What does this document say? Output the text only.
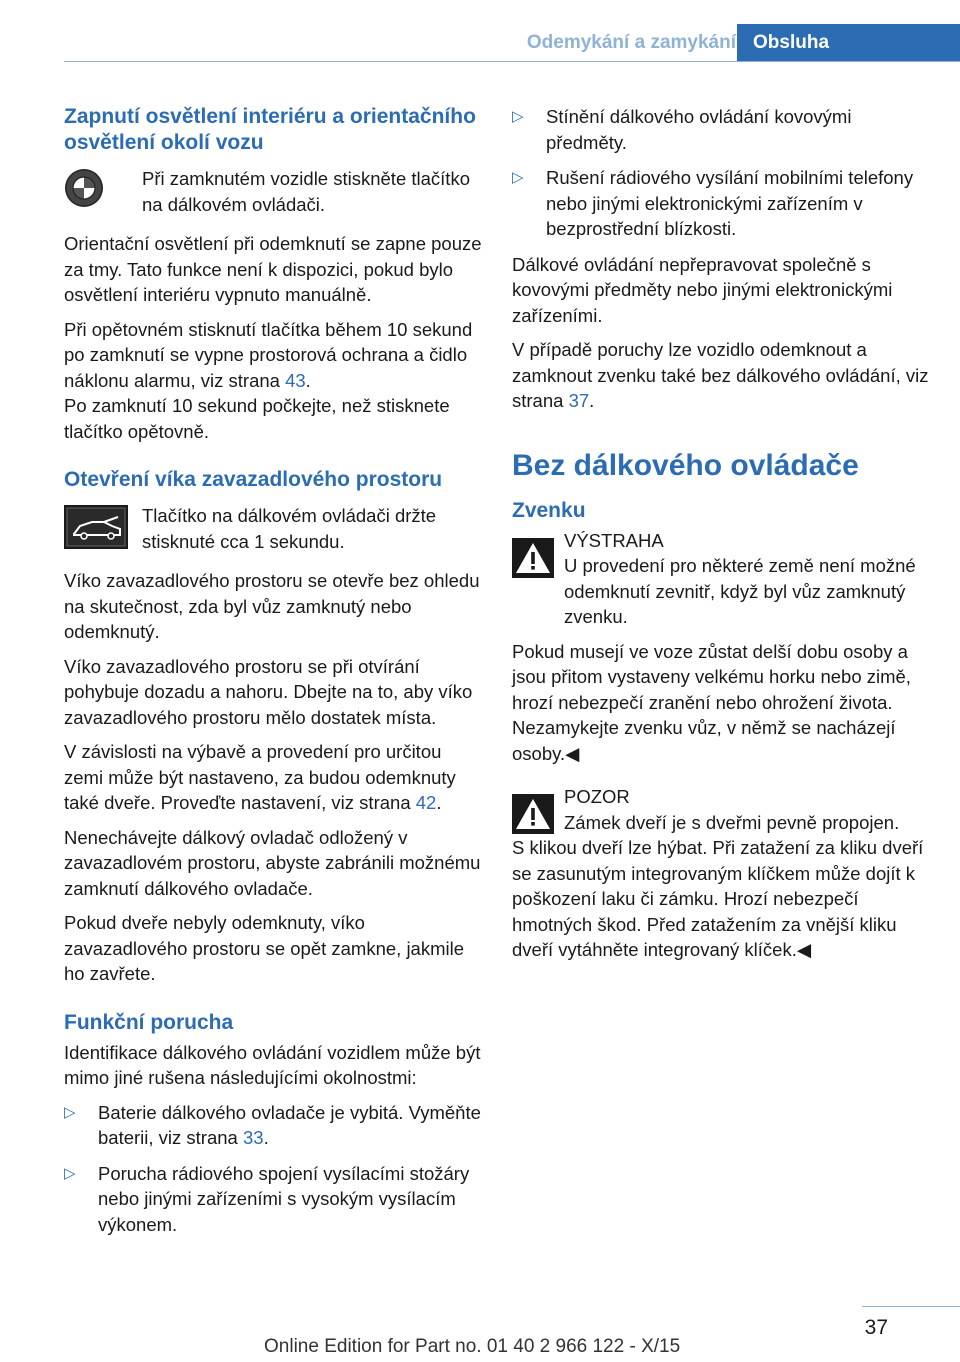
Odemykání a zamykání Obsluha
Zapnutí osvětlení interiéru a orientačního osvětlení okolí vozu
Při zamknutém vozidle stiskněte tlačítko na dálkovém ovládači.

Orientační osvětlení při odemknutí se zapne pouze za tmy. Tato funkce není k dispozici, pokud bylo osvětlení interiéru vypnuto manuálně.

Při opětovném stisknutí tlačítka během 10 sekund po zamknutí se vypne prostorová ochrana a čidlo náklonu alarmu, viz strana 43.
Po zamknutí 10 sekund počkejte, než stisknete tlačítko opětovně.

Otevření víka zavazadlového prostoru
Tlačítko na dálkovém ovládači držte stisknuté cca 1 sekundu.

Víko zavazadlového prostoru se otevře bez ohledu na skutečnost, zda byl vůz zamknutý nebo odemknutý.

Víko zavazadlového prostoru se při otvírání pohybuje dozadu a nahoru. Dbejte na to, aby víko zavazadlového prostoru mělo dostatek místa.

V závislosti na výbavě a provedení pro určitou zemi může být nastaveno, za budou odemknuty také dveře. Proveďte nastavení, viz strana 42.

Nenechávejte dálkový ovladač odložený v zavazadlovém prostoru, abyste zabránili možnému zamknutí dálkového ovladače.

Pokud dveře nebyly odemknuty, víko zavazadlového prostoru se opět zamkne, jakmile ho zavřete.

Funkční porucha

Identifikace dálkového ovládání vozidlem může být mimo jiné rušena následujícími okolnostmi:

▷ Baterie dálkového ovladače je vybitá. Vyměňte baterii, viz strana 33.
▷ Porucha rádiového spojení vysílacími stožáry nebo jinými zařízeními s vysokým vysílacím výkonem.
▷ Stínění dálkového ovládání kovovými předměty.
▷ Rušení rádiového vysílání mobilními telefony nebo jinými elektronickými zařízením v bezprostřední blízkosti.

Dálkové ovládání nepřepravovat společně s kovovými předměty nebo jinými elektronickými zařízeními.

V případě poruchy lze vozidlo odemknout a zamknout zvenku také bez dálkového ovládání, viz strana 37.

Bez dálkového ovládače
Zvenku
VÝSTRAHA

U provedení pro některé země není možné odemknutí zevnitř, když byl vůz zamknutý zvenku.

Pokud musejí ve voze zůstat delší dobu osoby a jsou přitom vystaveny velkému horku nebo zimě, hrozí nebezpečí zranění nebo ohrožení života. Nezamykejte zvenku vůz, v němž se nacházejí osoby.◀

POZOR

Zámek dveří je s dveřmi pevně propojen.

S klikou dveří lze hýbat. Při zatažení za kliku dveří se zasunutým integrovaným klíčkem může dojít k poškození laku či zámku. Hrozí nebezpečí hmotných škod. Před zatažením za vnější kliku dveří vytáhněte integrovaný klíček.◀

37
Online Edition for Part no. 01 40 2 966 122 - X/15
